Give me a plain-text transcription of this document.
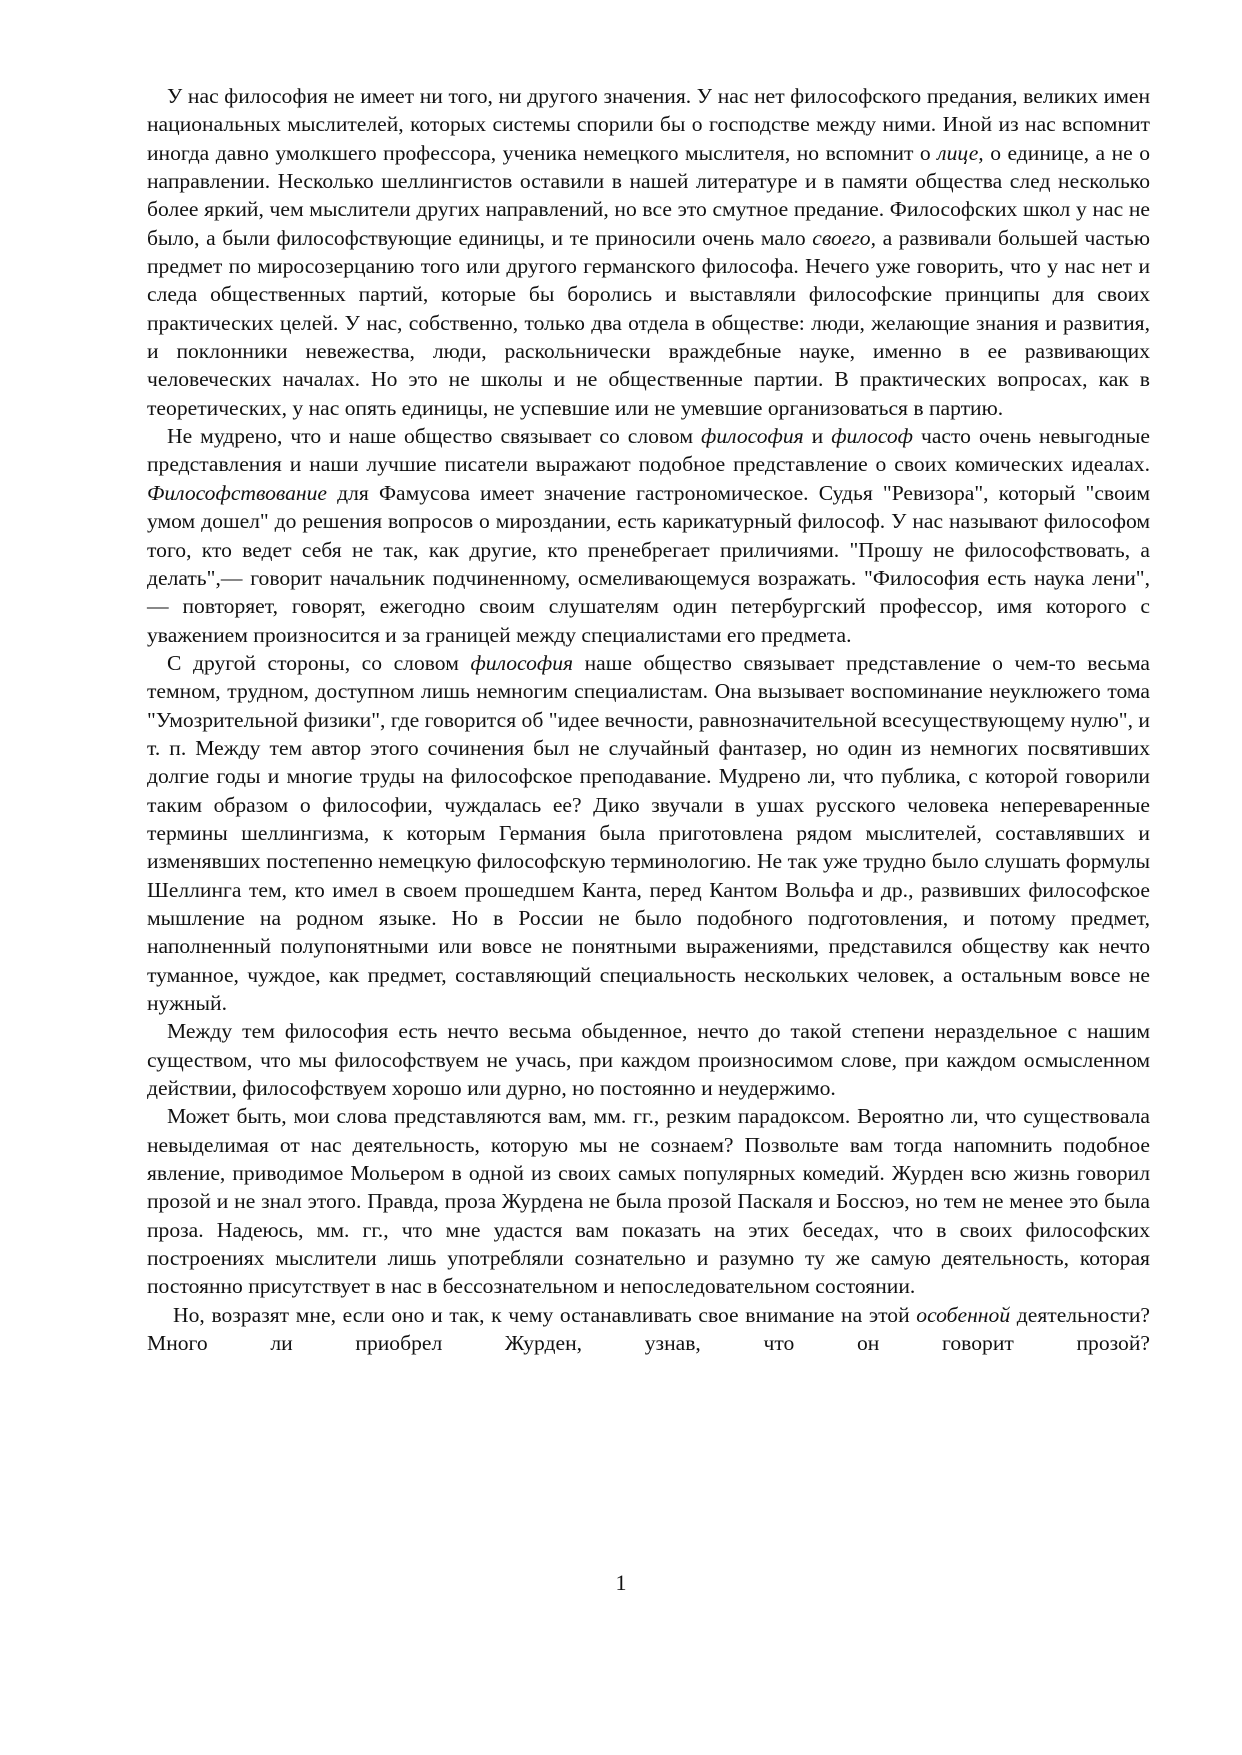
У нас философия не имеет ни того, ни другого значения. У нас нет философского предания, великих имен национальных мыслителей, которых системы спорили бы о господстве между ними. Иной из нас вспомнит иногда давно умолкшего профессора, ученика немецкого мыслителя, но вспомнит о лице, о единице, а не о направлении. Несколько шеллингистов оставили в нашей литературе и в памяти общества след несколько более яркий, чем мыслители других направлений, но все это смутное предание. Философских школ у нас не было, а были философствующие единицы, и те приносили очень мало своего, а развивали большей частью предмет по миросозерцанию того или другого германского философа. Нечего уже говорить, что у нас нет и следа общественных партий, которые бы боролись и выставляли философские принципы для своих практических целей. У нас, собственно, только два отдела в обществе: люди, желающие знания и развития, и поклонники невежества, люди, раскольнически враждебные науке, именно в ее развивающих человеческих началах. Но это не школы и не общественные партии. В практических вопросах, как в теоретических, у нас опять единицы, не успевшие или не умевшие организоваться в партию.

Не мудрено, что и наше общество связывает со словом философия и философ часто очень невыгодные представления и наши лучшие писатели выражают подобное представление о своих комических идеалах. Философствование для Фамусова имеет значение гастрономическое. Судья "Ревизора", который "своим умом дошел" до решения вопросов о мироздании, есть карикатурный философ. У нас называют философом того, кто ведет себя не так, как другие, кто пренебрегает приличиями. "Прошу не философствовать, а делать",— говорит начальник подчиненному, осмеливающемуся возражать. "Философия есть наука лени",— повторяет, говорят, ежегодно своим слушателям один петербургский профессор, имя которого с уважением произносится и за границей между специалистами его предмета.

С другой стороны, со словом философия наше общество связывает представление о чем-то весьма темном, трудном, доступном лишь немногим специалистам. Она вызывает воспоминание неуклюжего тома "Умозрительной физики", где говорится об "идее вечности, равнозначительной всесуществующему нулю", и т. п. Между тем автор этого сочинения был не случайный фантазер, но один из немногих посвятивших долгие годы и многие труды на философское преподавание. Мудрено ли, что публика, с которой говорили таким образом о философии, чуждалась ее? Дико звучали в ушах русского человека непереваренные термины шеллингизма, к которым Германия была приготовлена рядом мыслителей, составлявших и изменявших постепенно немецкую философскую терминологию. Не так уже трудно было слушать формулы Шеллинга тем, кто имел в своем прошедшем Канта, перед Кантом Вольфа и др., развивших философское мышление на родном языке. Но в России не было подобного подготовления, и потому предмет, наполненный полупонятными или вовсе не понятными выражениями, представился обществу как нечто туманное, чуждое, как предмет, составляющий специальность нескольких человек, а остальным вовсе не нужный.

Между тем философия есть нечто весьма обыденное, нечто до такой степени нераздельное с нашим существом, что мы философствуем не учась, при каждом произносимом слове, при каждом осмысленном действии, философствуем хорошо или дурно, но постоянно и неудержимо.

Может быть, мои слова представляются вам, мм. гг., резким парадоксом. Вероятно ли, что существовала невыделимая от нас деятельность, которую мы не сознаем? Позвольте вам тогда напомнить подобное явление, приводимое Мольером в одной из своих самых популярных комедий. Журден всю жизнь говорил прозой и не знал этого. Правда, проза Журдена не была прозой Паскаля и Боссюэ, но тем не менее это была проза. Надеюсь, мм. гг., что мне удастся вам показать на этих беседах, что в своих философских построениях мыслители лишь употребляли сознательно и разумно ту же самую деятельность, которая постоянно присутствует в нас в бессознательном и непоследовательном состоянии.

Но, возразят мне, если оно и так, к чему останавливать свое внимание на этой особенной деятельности? Много ли приобрел Журден, узнав, что он говорит прозой?

1
